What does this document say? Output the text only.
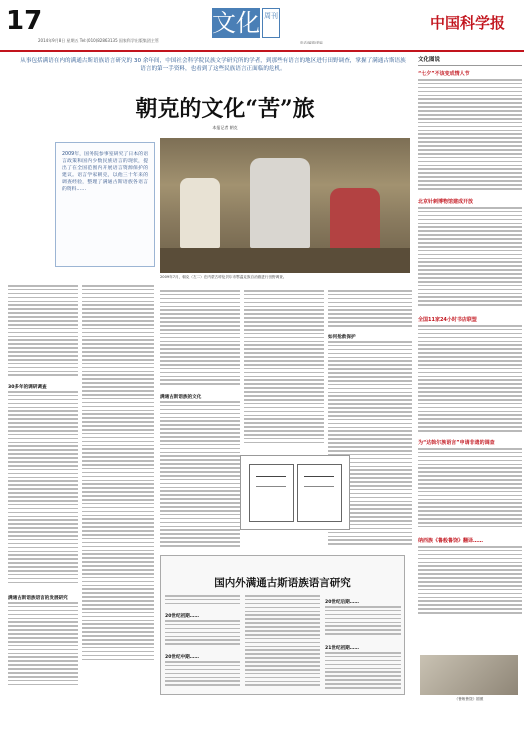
17
2014年9月8日 星期五 Tel:(010)82863135 国家科学出版集团主管
文化 周刊	中国科学报
电话/编辑/美编
从事包括满语在内的满通古斯语族语言研究的 30 余年间，中国社会科学院民族文学研究所的学者，到那些有语言的地区进行田野调查，掌握了满通古斯语族语言的第一手资料，也看到了这些民族语言正面临的危机。
朝克的文化“苦”旅
本报记者 朝克
2009年，国务院参事室研究了日本的语言政策和国内少数民族语言的现状，提出了在全国范围内开展语言资源保护的建议。语言学家朝克，以他三十年来的调查经验，整理了满通古斯语族各语言的资料……
2009年7月，朝克（左二）在内蒙古呼伦贝尔市鄂温克族自治旗进行田野调查。
30多年的调研调查
满通古斯语族语言的发展研究
满通古斯语族的文化
如何抢救保护
国内外满通古斯语族语言研究
20世纪初期……
20世纪中期……
20世纪后期……
21世纪初期……
文化图说
“七夕”不该变成情人节
北京针刺博物馆建成开放
全国11家24小时书店联盟
为“达斡尔族语言”申请非遗的调查
纳西族《鲁般鲁饶》翻译……
《鲁般鲁饶》剧照
